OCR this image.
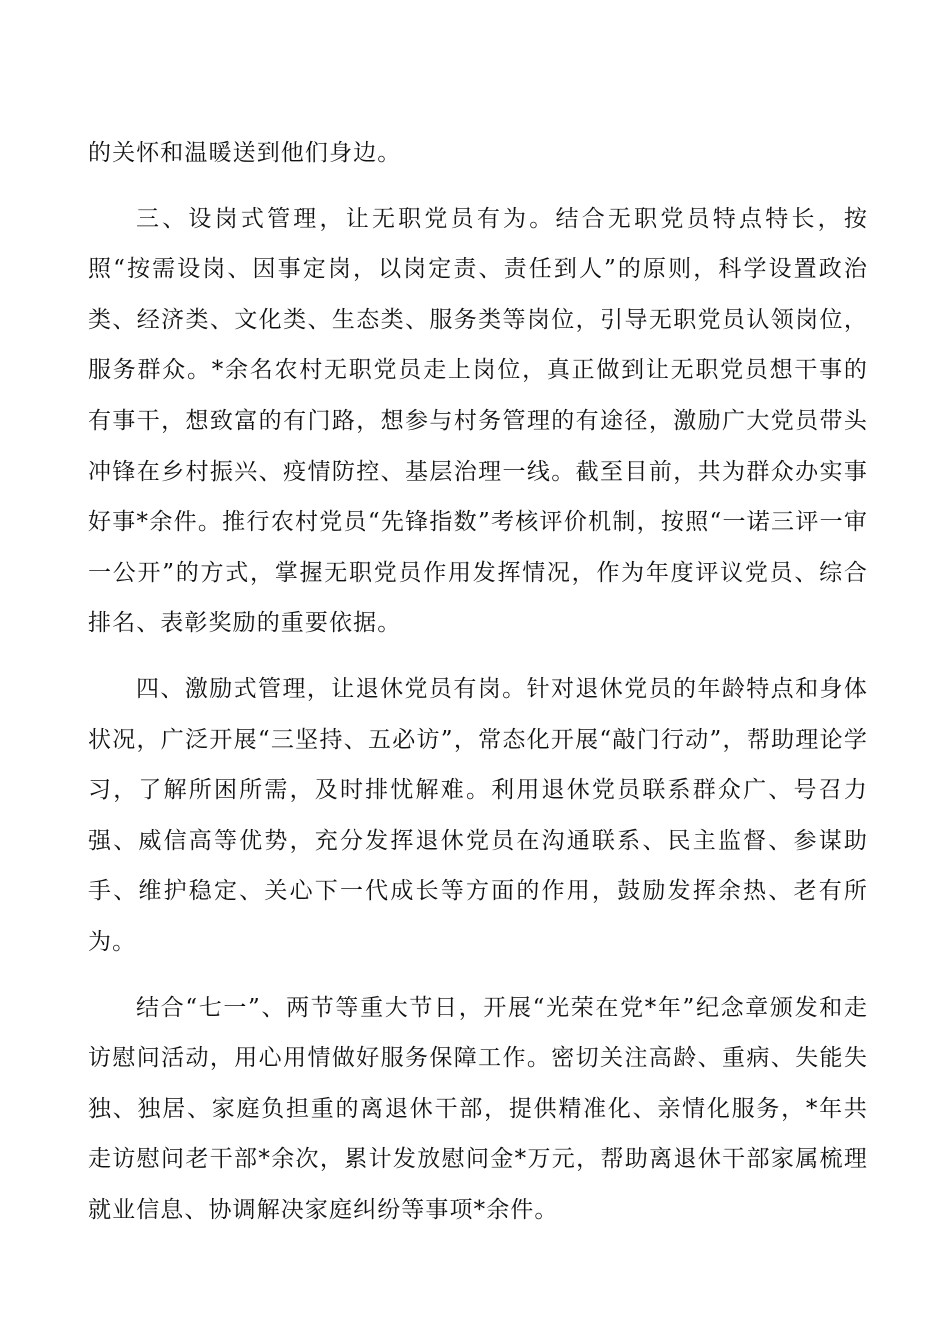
的关怀和温暖送到他们身边。

三、设岗式管理，让无职党员有为。结合无职党员特点特长，按照“按需设岗、因事定岗，以岗定责、责任到人”的原则，科学设置政治类、经济类、文化类、生态类、服务类等岗位，引导无职党员认领岗位，服务群众。*余名农村无职党员走上岗位，真正做到让无职党员想干事的有事干，想致富的有门路，想参与村务管理的有途径，激励广大党员带头冲锋在乡村振兴、疫情防控、基层治理一线。截至目前，共为群众办实事好事*余件。推行农村党员“先锋指数”考核评价机制，按照“一诺三评一审一公开”的方式，掌握无职党员作用发挥情况，作为年度评议党员、综合排名、表彰奖励的重要依据。

四、激励式管理，让退休党员有岗。针对退休党员的年龄特点和身体状况，广泛开展“三坚持、五必访”，常态化开展“敲门行动”，帮助理论学习，了解所困所需，及时排忧解难。利用退休党员联系群众广、号召力强、威信高等优势，充分发挥退休党员在沟通联系、民主监督、参谋助手、维护稳定、关心下一代成长等方面的作用，鼓励发挥余热、老有所为。

结合“七一”、两节等重大节日，开展“光荣在党*年”纪念章颁发和走访慰问活动，用心用情做好服务保障工作。密切关注高龄、重病、失能失独、独居、家庭负担重的离退休干部，提供精准化、亲情化服务，*年共走访慰问老干部*余次，累计发放慰问金*万元，帮助离退休干部家属梳理就业信息、协调解决家庭纠纷等事项*余件。
